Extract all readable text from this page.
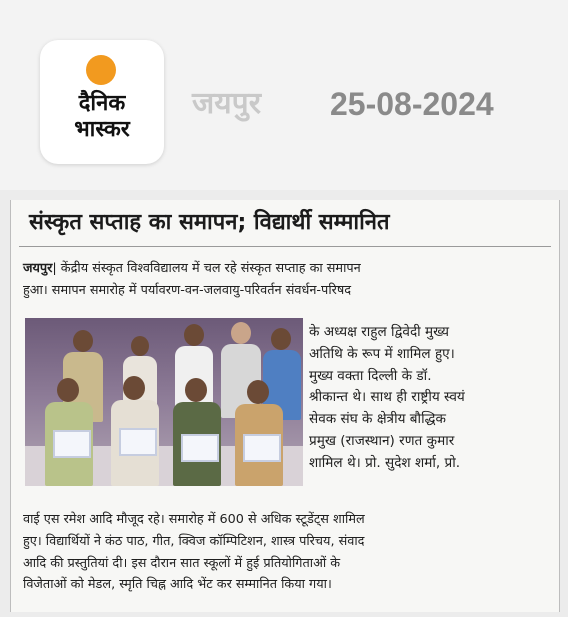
दैनिक
भास्कर
जयपुर 25-08-2024
संस्कृत सप्ताह का समापन; विद्यार्थी सम्मानित
जयपुर| केंद्रीय संस्कृत विश्वविद्यालय में चल रहे संस्कृत सप्ताह का समापन
हुआ। समापन समारोह में पर्यावरण-वन-जलवायु-परिवर्तन संवर्धन-परिषद
के अध्यक्ष राहुल द्विवेदी मुख्य
अतिथि के रूप में शामिल हुए।
मुख्य वक्ता दिल्ली के डॉ.
श्रीकान्त थे। साथ ही राष्ट्रीय स्वयं
सेवक संघ के क्षेत्रीय बौद्धिक
प्रमुख (राजस्थान) रणत कुमार
शामिल थे। प्रो. सुदेश शर्मा, प्रो.
वाई एस रमेश आदि मौजूद रहे। समारोह में 600 से अधिक स्टूडेंट्स शामिल
हुए। विद्यार्थियों ने कंठ पाठ, गीत, क्विज कॉम्पिटिशन, शास्त्र परिचय, संवाद
आदि की प्रस्तुतियां दी। इस दौरान सात स्कूलों में हुई प्रतियोगिताओं के
विजेताओं को मेडल, स्मृति चिह्न आदि भेंट कर सम्मानित किया गया।
